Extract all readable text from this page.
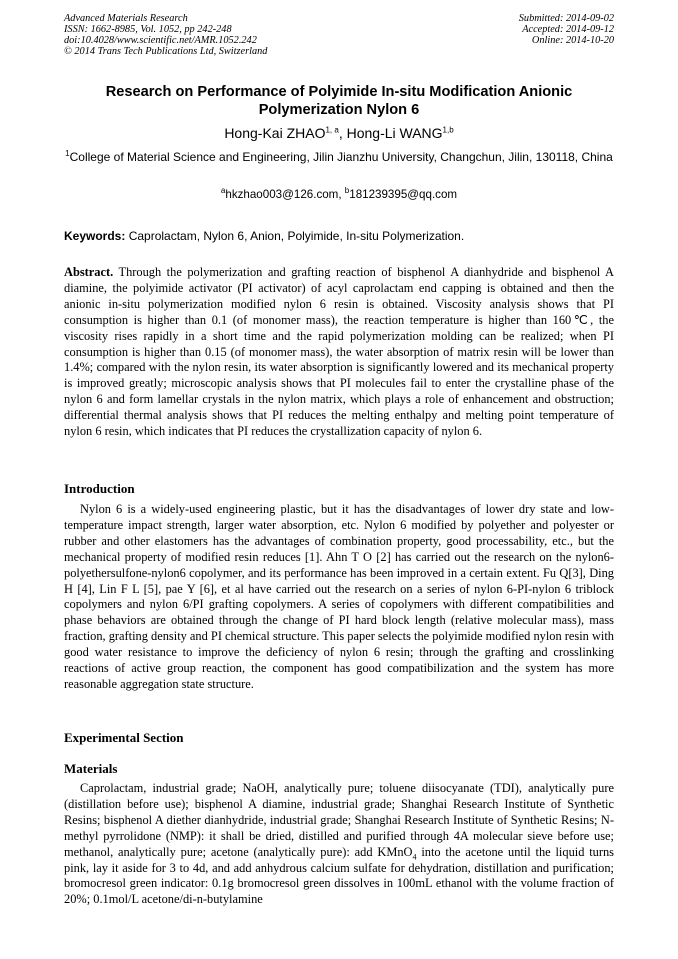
Advanced Materials Research
ISSN: 1662-8985, Vol. 1052, pp 242-248
doi:10.4028/www.scientific.net/AMR.1052.242
© 2014 Trans Tech Publications Ltd, Switzerland
Submitted: 2014-09-02
Accepted: 2014-09-12
Online: 2014-10-20
Research on Performance of Polyimide In-situ Modification Anionic
Polymerization Nylon 6
Hong-Kai ZHAO$^{1, a}$, Hong-Li WANG$^{1,b}$
$^1$College of Material Science and Engineering, Jilin Jianzhu University, Changchun, Jilin, 130118, China
$^a$hkzhao003@126.com, $^b$181239395@qq.com
Keywords: Caprolactam, Nylon 6, Anion, Polyimide, In-situ Polymerization.

Abstract. Through the polymerization and grafting reaction of bisphenol A dianhydride and bisphenol A diamine, the polyimide activator (PI activator) of acyl caprolactam end capping is obtained and then the anionic in-situ polymerization modified nylon 6 resin is obtained. Viscosity analysis shows that PI consumption is higher than 0.1 (of monomer mass), the reaction temperature is higher than 160℃, the viscosity rises rapidly in a short time and the rapid polymerization molding can be realized; when PI consumption is higher than 0.15 (of monomer mass), the water absorption of matrix resin will be lower than 1.4%; compared with the nylon resin, its water absorption is significantly lowered and its mechanical property is improved greatly; microscopic analysis shows that PI molecules fail to enter the crystalline phase of the nylon 6 and form lamellar crystals in the nylon matrix, which plays a role of enhancement and obstruction; differential thermal analysis shows that PI reduces the melting enthalpy and melting point temperature of nylon 6 resin, which indicates that PI reduces the crystallization capacity of nylon 6.

Introduction

Nylon 6 is a widely-used engineering plastic, but it has the disadvantages of lower dry state and low-temperature impact strength, larger water absorption, etc. Nylon 6 modified by polyether and polyester or rubber and other elastomers has the advantages of combination property, good processability, etc., but the mechanical property of modified resin reduces [1]. Ahn T O [2] has carried out the research on the nylon6-polyethersulfone-nylon6 copolymer, and its performance has been improved in a certain extent. Fu Q[3], Ding H [4], Lin F L [5], pae Y [6], et al have carried out the research on a series of nylon 6-PI-nylon 6 triblock copolymers and nylon 6/PI grafting copolymers. A series of copolymers with different compatibilities and phase behaviors are obtained through the change of PI hard block length (relative molecular mass), mass fraction, grafting density and PI chemical structure. This paper selects the polyimide modified nylon resin with good water resistance to improve the deficiency of nylon 6 resin; through the grafting and crosslinking reactions of active group reaction, the component has good compatibilization and the system has more reasonable aggregation state structure.

Experimental Section
Materials

Caprolactam, industrial grade; NaOH, analytically pure; toluene diisocyanate (TDI), analytically pure (distillation before use); bisphenol A diamine, industrial grade; Shanghai Research Institute of Synthetic Resins; bisphenol A diether dianhydride, industrial grade; Shanghai Research Institute of Synthetic Resins; N-methyl pyrrolidone (NMP): it shall be dried, distilled and purified through 4A molecular sieve before use; methanol, analytically pure; acetone (analytically pure): add KMnO$_4$ into the acetone until the liquid turns pink, lay it aside for 3 to 4d, and add anhydrous calcium sulfate for dehydration, distillation and purification; bromocresol green indicator: 0.1g bromocresol green dissolves in 100mL ethanol with the volume fraction of 20%; 0.1mol/L acetone/di-n-butylamine
